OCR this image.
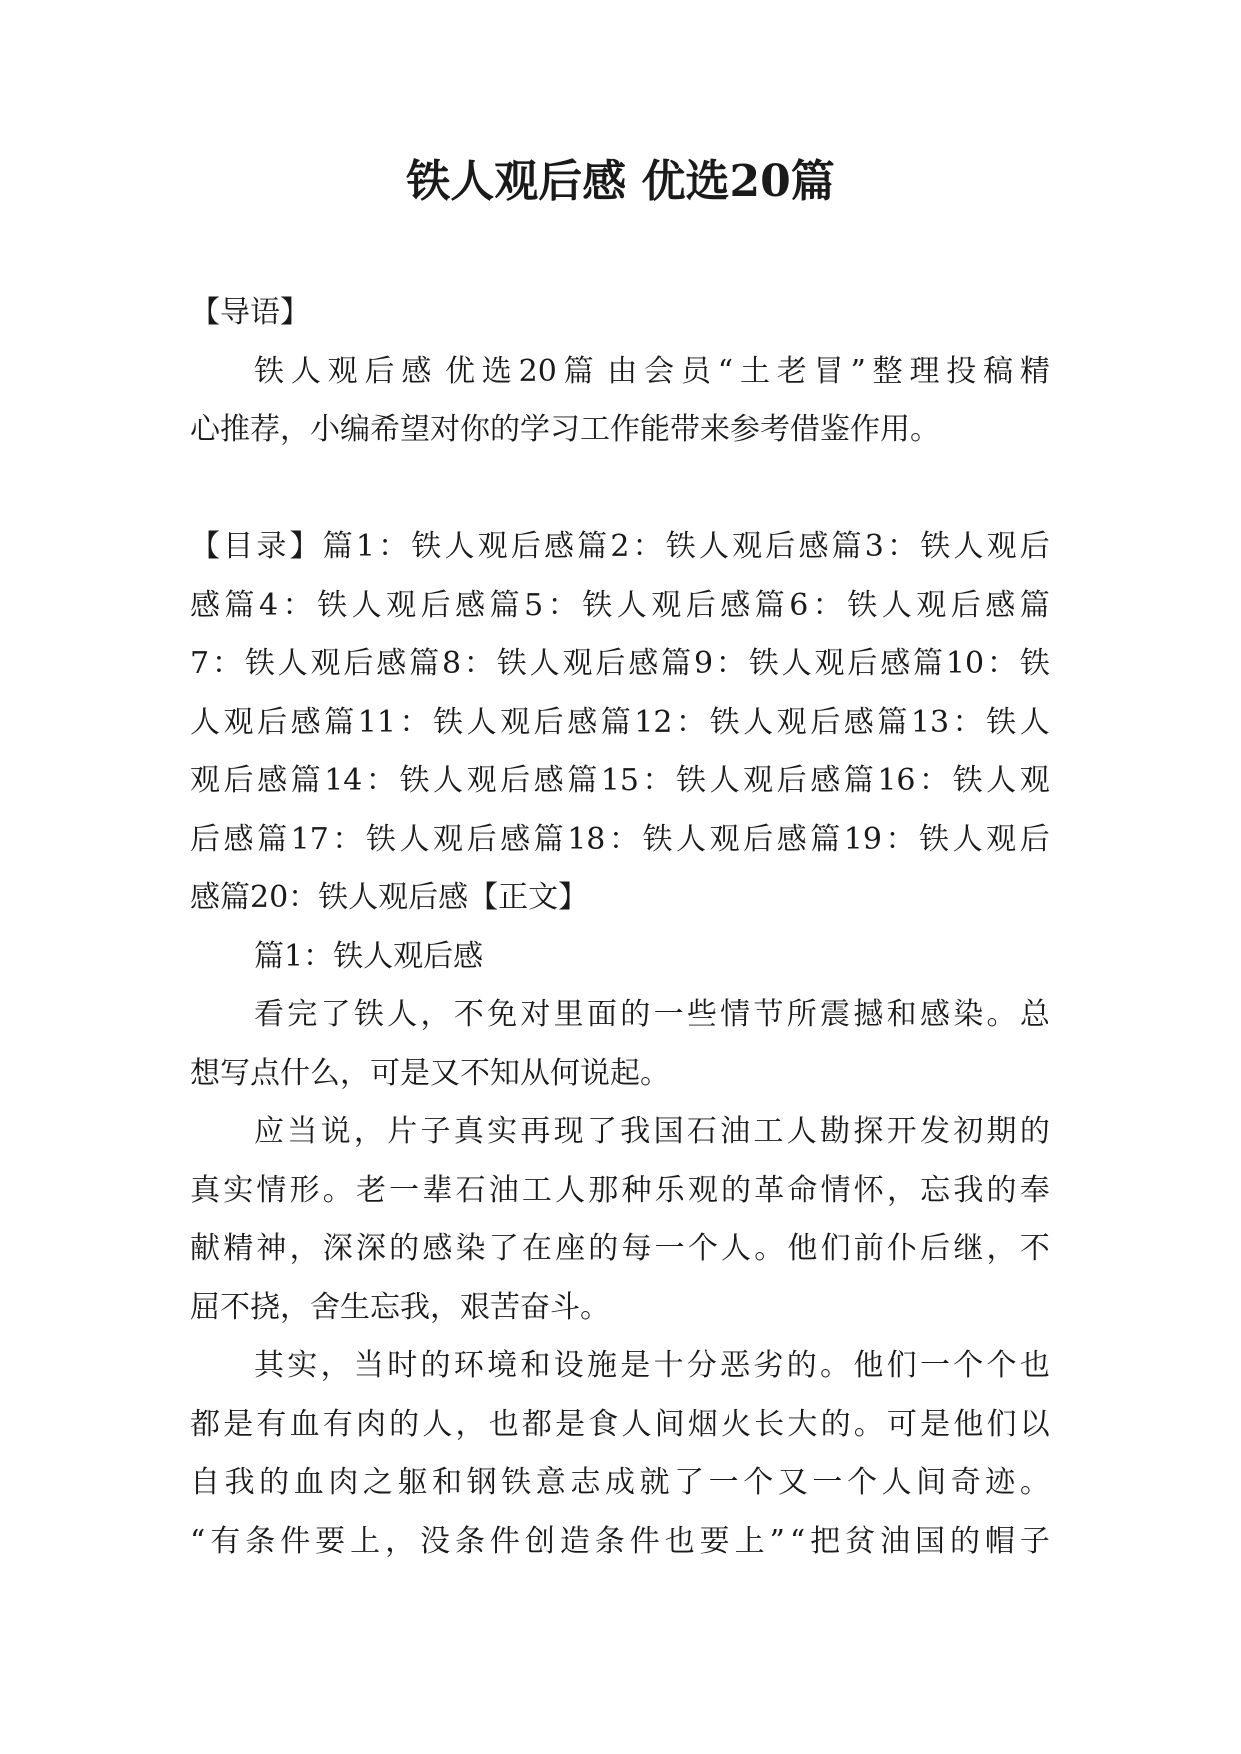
铁人观后感 优选20篇
【导语】
铁 人 观 后 感 优 选 20 篇 由 会 员 “ 土 老 冒 ” 整 理 投 稿 精
心推荐，小编希望对你的学习工作能带来参考借鉴作用。
【 目 录 】 篇 1 ： 铁 人 观 后 感 篇 2 ： 铁 人 观 后 感 篇 3 ： 铁 人 观 后
感 篇 4 ： 铁 人 观 后 感 篇 5 ： 铁 人 观 后 感 篇 6 ： 铁 人 观 后 感 篇
7 ： 铁 人 观 后 感 篇 8 ： 铁 人 观 后 感 篇 9 ： 铁 人 观 后 感 篇 10 ： 铁
人 观 后 感 篇 11 ： 铁 人 观 后 感 篇 12 ： 铁 人 观 后 感 篇 13 ： 铁 人
观 后 感 篇 14 ： 铁 人 观 后 感 篇 15 ： 铁 人 观 后 感 篇 16 ： 铁 人 观
后 感 篇 17 ： 铁 人 观 后 感 篇 18 ： 铁 人 观 后 感 篇 19 ： 铁 人 观 后
感篇20：铁人观后感【正文】
篇1：铁人观后感
看 完 了 铁 人 ， 不 免 对 里 面 的 一 些 情 节 所 震 撼 和 感 染 。 总
想写点什么，可是又不知从何说起。
应 当 说 ， 片 子 真 实 再 现 了 我 国 石 油 工 人 勘 探 开 发 初 期 的
真 实 情 形 。 老 一 辈 石 油 工 人 那 种 乐 观 的 革 命 情 怀 ， 忘 我 的 奉
献 精 神 ， 深 深 的 感 染 了 在 座 的 每 一 个 人 。 他 们 前 仆 后 继 ， 不
屈不挠，舍生忘我，艰苦奋斗。
其 实 ， 当 时 的 环 境 和 设 施 是 十 分 恶 劣 的 。 他 们 一 个 个 也
都 是 有 血 有 肉 的 人 ， 也 都 是 食 人 间 烟 火 长 大 的 。 可 是 他 们 以
自 我 的 血 肉 之 躯 和 钢 铁 意 志 成 就 了 一 个 又 一 个 人 间 奇 迹 。
“ 有 条 件 要 上 ， 没 条 件 创 造 条 件 也 要 上 ” “ 把 贫 油 国 的 帽 子
